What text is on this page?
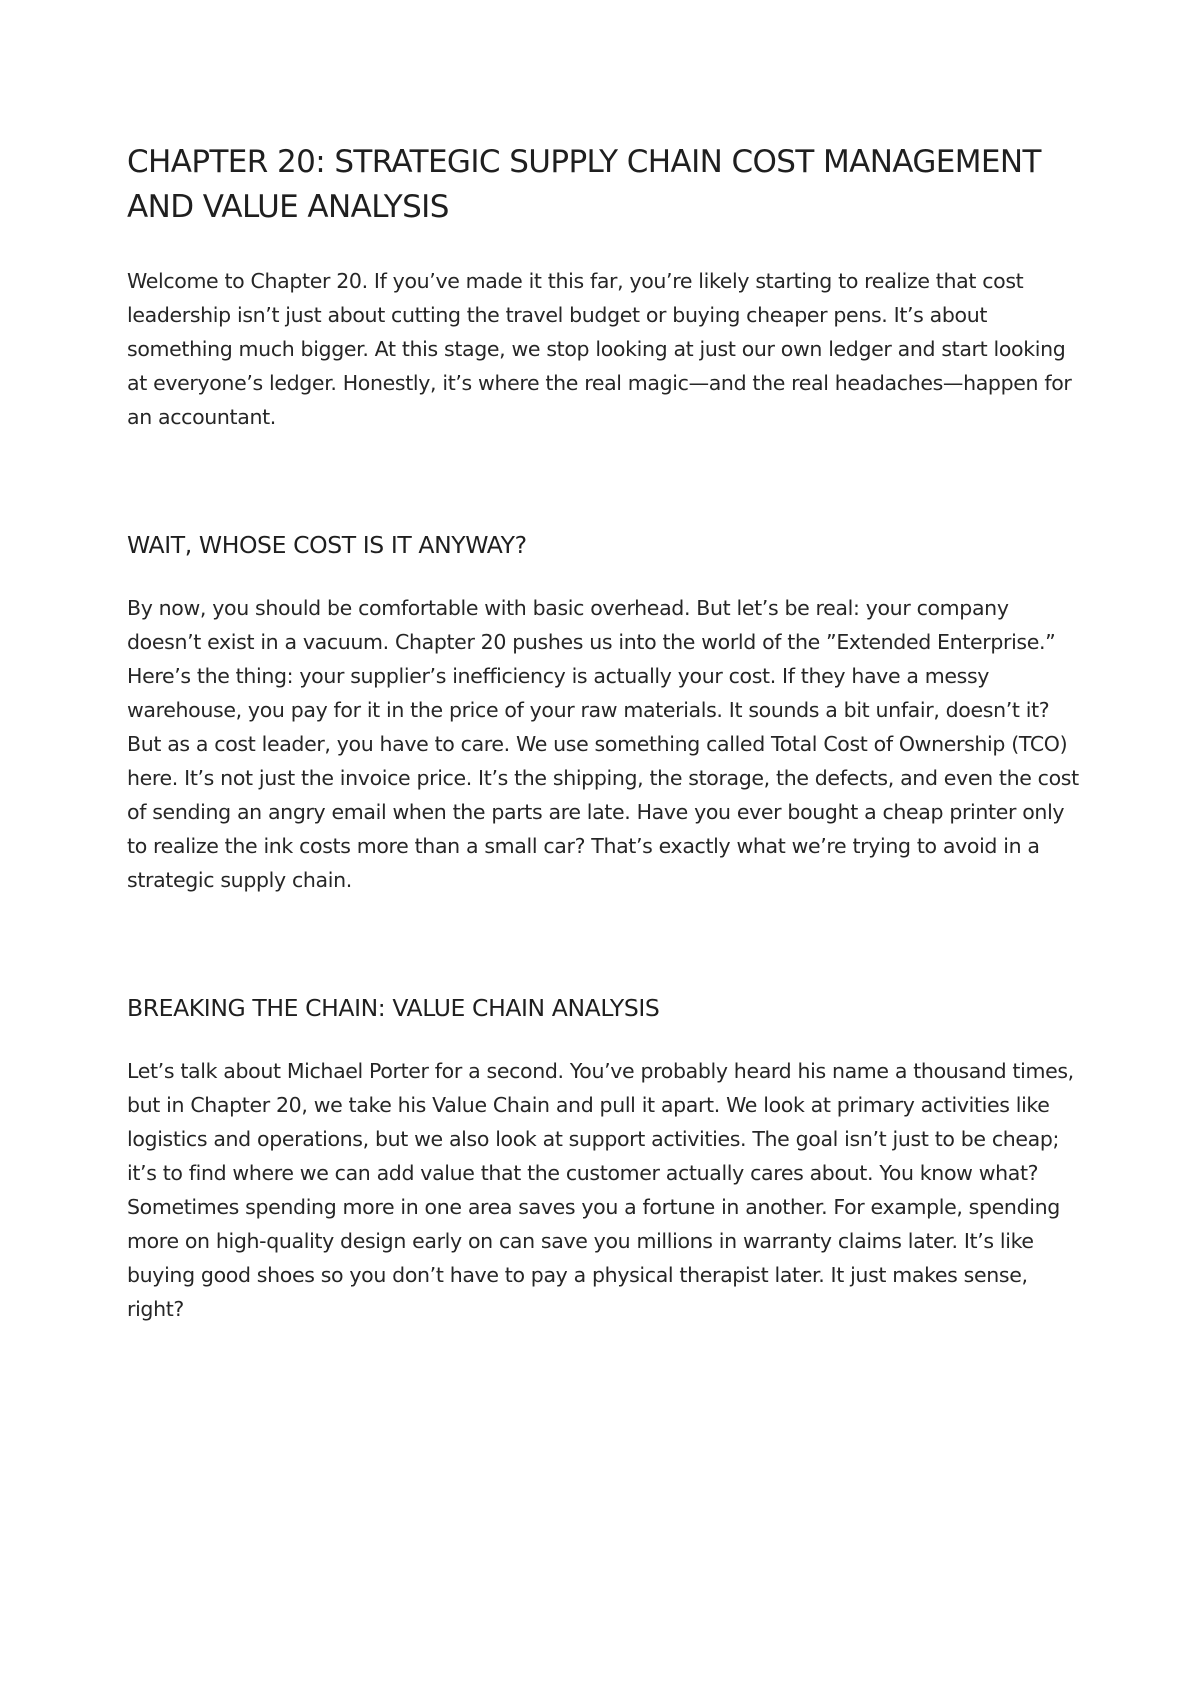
CHAPTER 20: STRATEGIC SUPPLY CHAIN COST MANAGEMENT AND VALUE ANALYSIS

Welcome to Chapter 20. If you’ve made it this far, you’re likely starting to realize that cost leadership isn’t just about cutting the travel budget or buying cheaper pens. It’s about something much bigger. At this stage, we stop looking at just our own ledger and start looking at everyone’s ledger. Honestly, it’s where the real magic—and the real headaches—happen for an accountant.

WAIT, WHOSE COST IS IT ANYWAY?

By now, you should be comfortable with basic overhead. But let’s be real: your company doesn’t exist in a vacuum. Chapter 20 pushes us into the world of the ”Extended Enterprise.” Here’s the thing: your supplier’s inefficiency is actually your cost. If they have a messy warehouse, you pay for it in the price of your raw materials. It sounds a bit unfair, doesn’t it? But as a cost leader, you have to care. We use something called Total Cost of Ownership (TCO) here. It’s not just the invoice price. It’s the shipping, the storage, the defects, and even the cost of sending an angry email when the parts are late. Have you ever bought a cheap printer only to realize the ink costs more than a small car? That’s exactly what we’re trying to avoid in a strategic supply chain.

BREAKING THE CHAIN: VALUE CHAIN ANALYSIS

Let’s talk about Michael Porter for a second. You’ve probably heard his name a thousand times, but in Chapter 20, we take his Value Chain and pull it apart. We look at primary activities like logistics and operations, but we also look at support activities. The goal isn’t just to be cheap; it’s to find where we can add value that the customer actually cares about. You know what? Sometimes spending more in one area saves you a fortune in another. For example, spending more on high-quality design early on can save you millions in warranty claims later. It’s like buying good shoes so you don’t have to pay a physical therapist later. It just makes sense, right?
